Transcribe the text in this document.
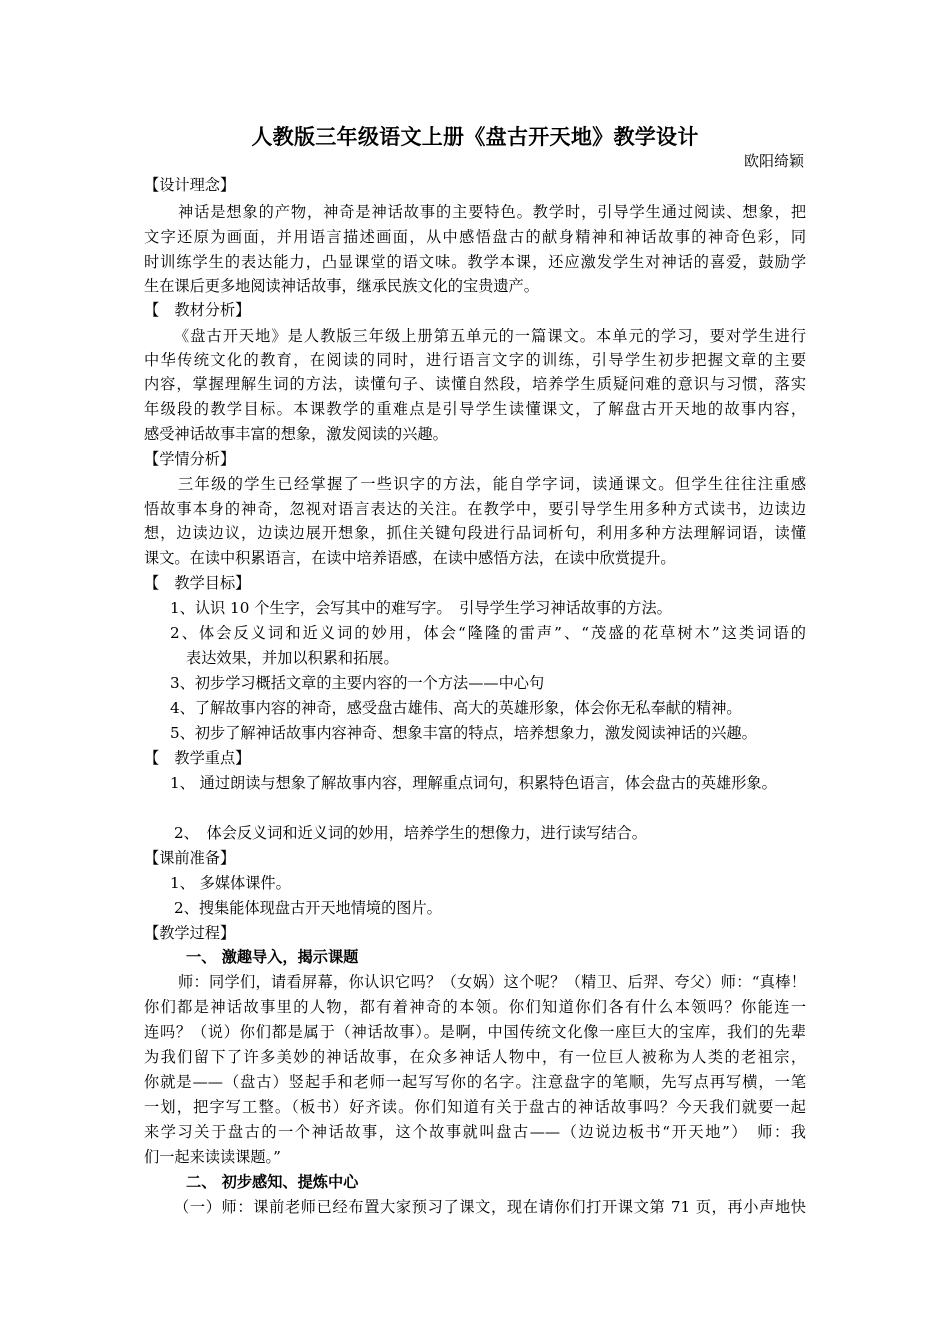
人教版三年级语文上册《盘古开天地》教学设计
欧阳绮颖
【设计理念】
神话是想象的产物，神奇是神话故事的主要特色。教学时，引导学生通过阅读、想象，把
文字还原为画面，并用语言描述画面，从中感悟盘古的献身精神和神话故事的神奇色彩，同
时训练学生的表达能力，凸显课堂的语文味。教学本课，还应激发学生对神话的喜爱，鼓励学
生在课后更多地阅读神话故事，继承民族文化的宝贵遗产。
【　教材分析】
《盘古开天地》是人教版三年级上册第五单元的一篇课文。本单元的学习，要对学生进行
中华传统文化的教育，在阅读的同时，进行语言文字的训练，引导学生初步把握文章的主要
内容，掌握理解生词的方法，读懂句子、读懂自然段，培养学生质疑问难的意识与习惯，落实
年级段的教学目标。本课教学的重难点是引导学生读懂课文，了解盘古开天地的故事内容，
感受神话故事丰富的想象，激发阅读的兴趣。
【学情分析】
三年级的学生已经掌握了一些识字的方法，能自学字词，读通课文。但学生往往注重感
悟故事本身的神奇，忽视对语言表达的关注。在教学中，要引导学生用多种方式读书，边读边
想，边读边议，边读边展开想象，抓住关键句段进行品词析句，利用多种方法理解词语，读懂
课文。在读中积累语言，在读中培养语感，在读中感悟方法，在读中欣赏提升。
【　教学目标】
1、认识 10 个生字，会写其中的难写字。　引导学生学习神话故事的方法。
2、体会反义词和近义词的妙用，体会“隆隆的雷声”、“茂盛的花草树木”这类词语的
表达效果，并加以积累和拓展。
3、初步学习概括文章的主要内容的一个方法——中心句
4、了解故事内容的神奇，感受盘古雄伟、高大的英雄形象，体会你无私奉献的精神。
5、初步了解神话故事内容神奇、想象丰富的特点，培养想象力，激发阅读神话的兴趣。
【　教学重点】
1、 通过朗读与想象了解故事内容，理解重点词句，积累特色语言，体会盘古的英雄形象。
2、　体会反义词和近义词的妙用，培养学生的想像力，进行读写结合。
【课前准备】
1、 多媒体课件。
2、搜集能体现盘古开天地情境的图片。
【教学过程】
一、 激趣导入，揭示课题
师：同学们，请看屏幕，你认识它吗？（女娲）这个呢？（精卫、后羿、夸父）师：“真棒！
你们都是神话故事里的人物，都有着神奇的本领。你们知道你们各有什么本领吗？你能连一
连吗？（说）你们都是属于（神话故事）。是啊，中国传统文化像一座巨大的宝库，我们的先辈
为我们留下了许多美妙的神话故事，在众多神话人物中，有一位巨人被称为人类的老祖宗，
你就是——（盘古）竖起手和老师一起写写你的名字。注意盘字的笔顺，先写点再写横，一笔
一划，把字写工整。（板书）好齐读。你们知道有关于盘古的神话故事吗？今天我们就要一起
来学习关于盘古的一个神话故事，这个故事就叫盘古——（边说边板书“开天地”）　师：我
们一起来读读课题。”
二、 初步感知、提炼中心
（一）师：课前老师已经布置大家预习了课文，现在请你们打开课文第 71 页，再小声地快
